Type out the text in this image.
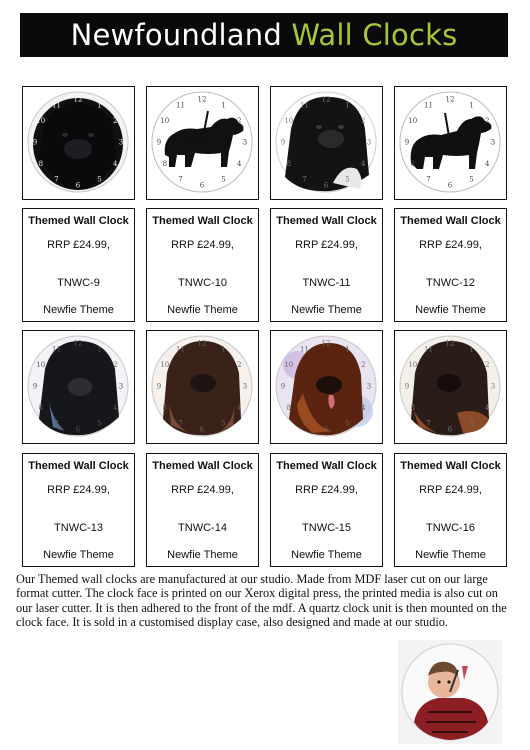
Newfoundland Wall Clocks
12
1
2
3
4
5
6
7
8
9
10
11
12
1
2
3
4
5
6
7
8
9
10
11
12
1
2
3
4
5
6
7
8
9
10
11
12
1
2
3
4
5
6
7
8
9
10
11
Themed Wall Clock
RRP £24.99,
TNWC-9
Newfie Theme
Themed Wall Clock
RRP £24.99,
TNWC-10
Newfie Theme
Themed Wall Clock
RRP £24.99,
TNWC-11
Newfie Theme
Themed Wall Clock
RRP £24.99,
TNWC-12
Newfie Theme
12
1
2
3
4
5
6
7
8
9
10
11
12
1
2
3
4
5
6
7
8
9
10
11
12
1
2
3
4
5
6
7
8
9
10
11
12
1
2
3
4
5
6
7
8
9
10
11
Themed Wall Clock
RRP £24.99,
TNWC-13
Newfie Theme
Themed Wall Clock
RRP £24.99,
TNWC-14
Newfie Theme
Themed Wall Clock
RRP £24.99,
TNWC-15
Newfie Theme
Themed Wall Clock
RRP £24.99,
TNWC-16
Newfie Theme
Our Themed wall clocks are manufactured at our studio. Made from MDF laser cut on our large format cutter. The clock face is printed on our Xerox digital press, the printed media is also cut on our laser cutter. It is then adhered to the front of the mdf. A quartz clock unit is then mounted on the clock face. It is sold in a customised display case, also designed and made at our studio.
